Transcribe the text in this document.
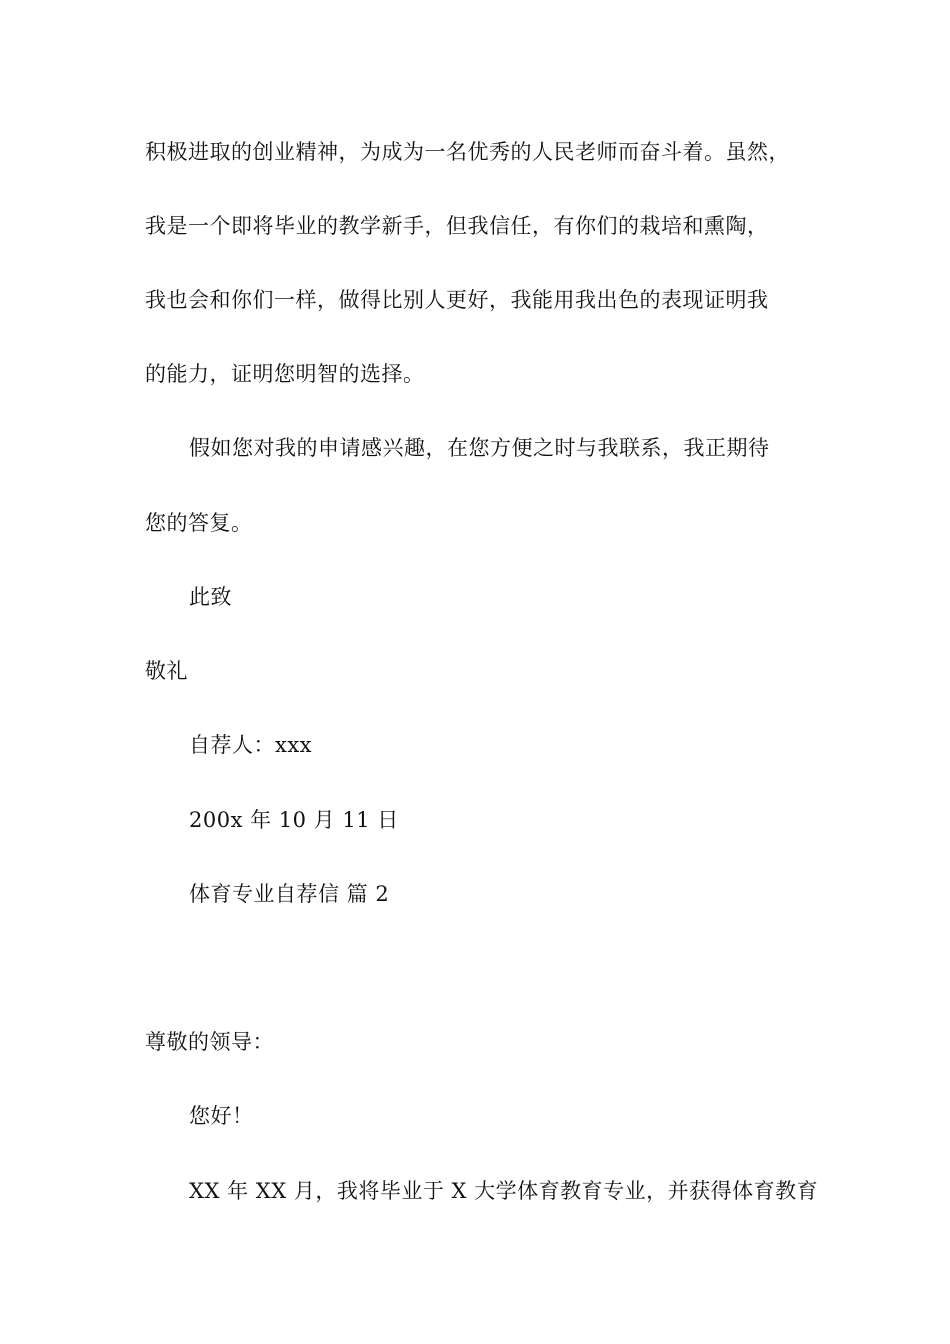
积极进取的创业精神，为成为一名优秀的人民老师而奋斗着。虽然，
我是一个即将毕业的教学新手，但我信任，有你们的栽培和熏陶，
我也会和你们一样，做得比别人更好，我能用我出色的表现证明我
的能力，证明您明智的选择。
假如您对我的申请感兴趣，在您方便之时与我联系，我正期待
您的答复。
此致
敬礼
自荐人：xxx
200x 年 10 月 11 日
体育专业自荐信 篇 2
尊敬的领导：
您好！
XX 年 XX 月，我将毕业于 X 大学体育教育专业，并获得体育教育
